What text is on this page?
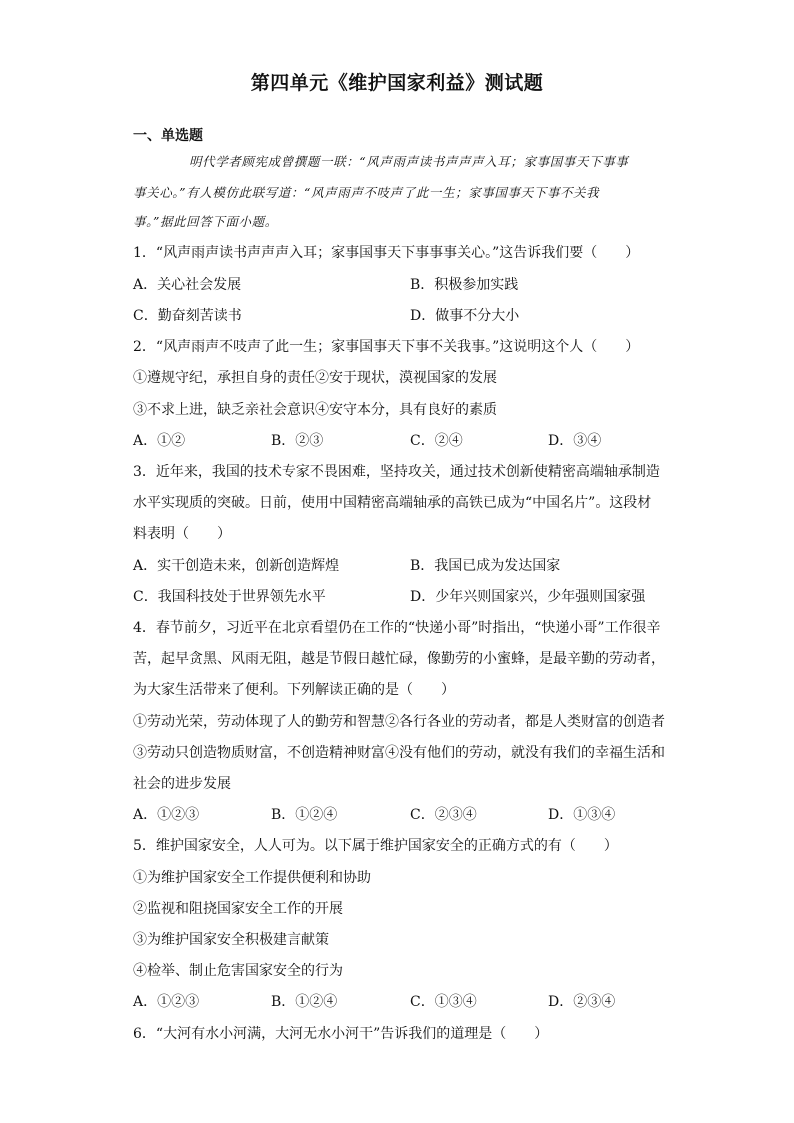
第四单元《维护国家利益》测试题
一、单选题
明代学者顾宪成曾撰题一联：“风声雨声读书声声声入耳；家事国事天下事事
事关心。”有人模仿此联写道：“风声雨声不吱声了此一生；家事国事天下事不关我
事。”据此回答下面小题。
1．“风声雨声读书声声声入耳；家事国事天下事事事关心。”这告诉我们要（　　）
A．关心社会发展	B．积极参加实践
C．勤奋刻苦读书	D．做事不分大小
2．“风声雨声不吱声了此一生；家事国事天下事不关我事。”这说明这个人（　　）
①遵规守纪，承担自身的责任②安于现状，漠视国家的发展
③不求上进，缺乏亲社会意识④安守本分，具有良好的素质
A．①②	B．②③	C．②④	D．③④
3．近年来，我国的技术专家不畏困难，坚持攻关，通过技术创新使精密高端轴承制造
水平实现质的突破。日前，使用中国精密高端轴承的高铁已成为“中国名片”。这段材
料表明（　　）
A．实干创造未来，创新创造辉煌	B．我国已成为发达国家
C．我国科技处于世界领先水平	D．少年兴则国家兴，少年强则国家强
4．春节前夕，习近平在北京看望仍在工作的“快递小哥”时指出，“快递小哥”工作很辛
苦，起早贪黑、风雨无阻，越是节假日越忙碌，像勤劳的小蜜蜂，是最辛勤的劳动者，
为大家生活带来了便利。下列解读正确的是（　　）
①劳动光荣，劳动体现了人的勤劳和智慧②各行各业的劳动者，都是人类财富的创造者
③劳动只创造物质财富，不创造精神财富④没有他们的劳动，就没有我们的幸福生活和
社会的进步发展
A．①②③	B．①②④	C．②③④	D．①③④
5．维护国家安全，人人可为。以下属于维护国家安全的正确方式的有（　　）
①为维护国家安全工作提供便利和协助
②监视和阻挠国家安全工作的开展
③为维护国家安全积极建言献策
④检举、制止危害国家安全的行为
A．①②③	B．①②④	C．①③④	D．②③④
6．“大河有水小河满，大河无水小河干”告诉我们的道理是（　　）
